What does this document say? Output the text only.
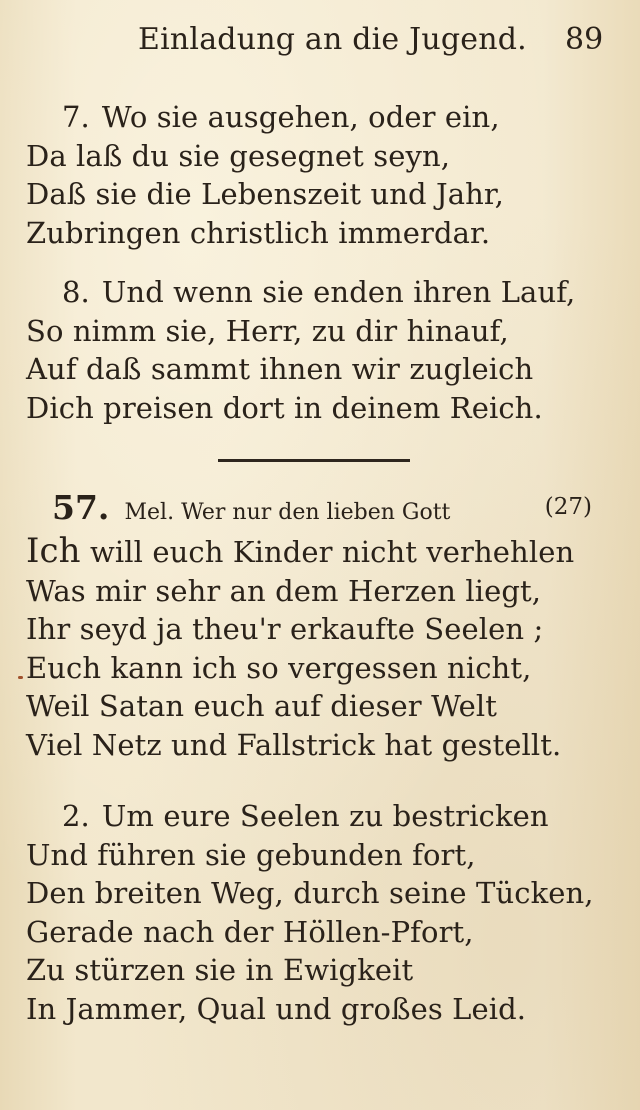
Einladung an die Jugend. 89
7. Wo sie ausgehen, oder ein,
Da laß du sie gesegnet seyn,
Daß sie die Lebenszeit und Jahr,
Zubringen christlich immerdar.
8. Und wenn sie enden ihren Lauf,
So nimm sie, Herr, zu dir hinauf,
Auf daß sammt ihnen wir zugleich
Dich preisen dort in deinem Reich.
57. Mel. Wer nur den lieben Gott	(27)
Ich will euch Kinder nicht verhehlen
Was mir sehr an dem Herzen liegt,
Ihr seyd ja theu'r erkaufte Seelen ;
Euch kann ich so vergessen nicht,
Weil Satan euch auf dieser Welt
Viel Netz und Fallstrick hat gestellt.
2. Um eure Seelen zu bestricken
Und führen sie gebunden fort,
Den breiten Weg, durch seine Tücken,
Gerade nach der Höllen-Pfort,
Zu stürzen sie in Ewigkeit
In Jammer, Qual und großes Leid.
